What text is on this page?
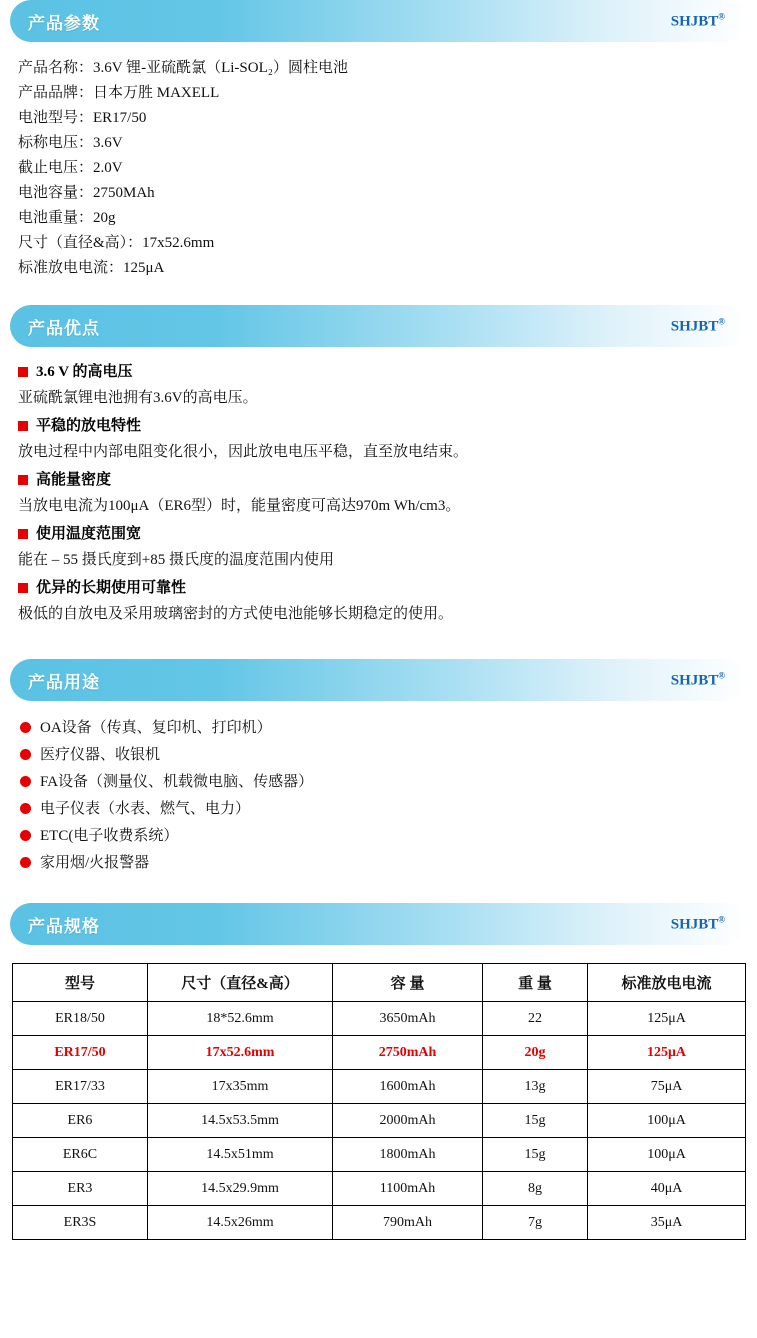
产品参数	SHJBT®
产品名称：3.6V 锂-亚硫酰氯（Li-SOL₂）圆柱电池
产品品牌：日本万胜 MAXELL
电池型号：ER17/50
标称电压：3.6V
截止电压：2.0V
电池容量：2750MAh
电池重量：20g
尺寸（直径&高）：17x52.6mm
标准放电电流：125μA
产品优点	SHJBT®
3.6 V 的高电压
亚硫酰氯锂电池拥有3.6V的高电压。
平稳的放电特性
放电过程中内部电阻变化很小，因此放电电压平稳，直至放电结束。
高能量密度
当放电电流为100μA（ER6型）时，能量密度可高达970m Wh/cm3。
使用温度范围宽
能在 – 55 摄氏度到+85 摄氏度的温度范围内使用
优异的长期使用可靠性
极低的自放电及采用玻璃密封的方式使电池能够长期稳定的使用。
产品用途	SHJBT®
OA设备（传真、复印机、打印机）
医疗仪器、收银机
FA设备（测量仪、机载微电脑、传感器）
电子仪表（水表、燃气、电力）
ETC(电子收费系统）
家用烟/火报警器
产品规格	SHJBT®
型号	尺寸（直径&高）	容 量	重 量	标准放电电流
ER18/50	18*52.6mm	3650mAh	22	125μA
ER17/50	17x52.6mm	2750mAh	20g	125μA
ER17/33	17x35mm	1600mAh	13g	75μA
ER6	14.5x53.5mm	2000mAh	15g	100μA
ER6C	14.5x51mm	1800mAh	15g	100μA
ER3	14.5x29.9mm	1100mAh	8g	40μA
ER3S	14.5x26mm	790mAh	7g	35μA
